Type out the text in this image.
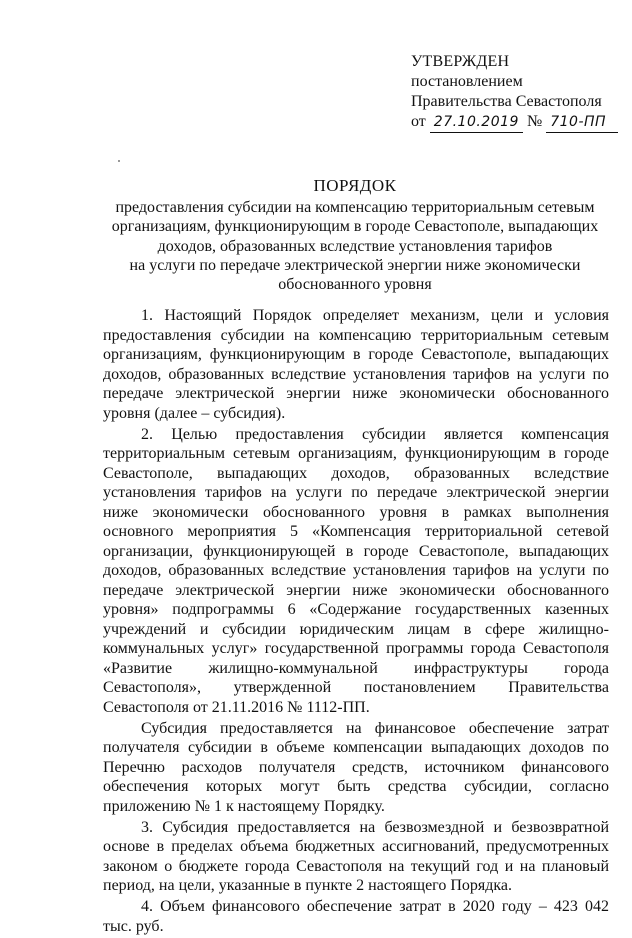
УТВЕРЖДЕН
постановлением
Правительства Севастополя
от 27.10.2019 № 710-ПП
ПОРЯДОК
предоставления субсидии на компенсацию территориальным сетевым
организациям, функционирующим в городе Севастополе, выпадающих
доходов, образованных вследствие установления тарифов
на услуги по передаче электрической энергии ниже экономически
обоснованного уровня

1. Настоящий Порядок определяет механизм, цели и условия предоставления субсидии на компенсацию территориальным сетевым организациям, функционирующим в городе Севастополе, выпадающих доходов, образованных вследствие установления тарифов на услуги по передаче электрической энергии ниже экономически обоснованного уровня (далее – субсидия).

2. Целью предоставления субсидии является компенсация территориальным сетевым организациям, функционирующим в городе Севастополе, выпадающих доходов, образованных вследствие установления тарифов на услуги по передаче электрической энергии ниже экономически обоснованного уровня в рамках выполнения основного мероприятия 5 «Компенсация территориальной сетевой организации, функционирующей в городе Севастополе, выпадающих доходов, образованных вследствие установления тарифов на услуги по передаче электрической энергии ниже экономически обоснованного уровня» подпрограммы 6 «Содержание государственных казенных учреждений и субсидии юридическим лицам в сфере жилищно-коммунальных услуг» государственной программы города Севастополя «Развитие жилищно-коммунальной инфраструктуры города Севастополя», утвержденной постановлением Правительства Севастополя от 21.11.2016 № 1112-ПП.

Субсидия предоставляется на финансовое обеспечение затрат получателя субсидии в объеме компенсации выпадающих доходов по Перечню расходов получателя средств, источником финансового обеспечения которых могут быть средства субсидии, согласно приложению № 1 к настоящему Порядку.

3. Субсидия предоставляется на безвозмездной и безвозвратной основе в пределах объема бюджетных ассигнований, предусмотренных законом о бюджете города Севастополя на текущий год и на плановый период, на цели, указанные в пункте 2 настоящего Порядка.

4. Объем финансового обеспечение затрат в 2020 году – 423 042 тыс. руб.
